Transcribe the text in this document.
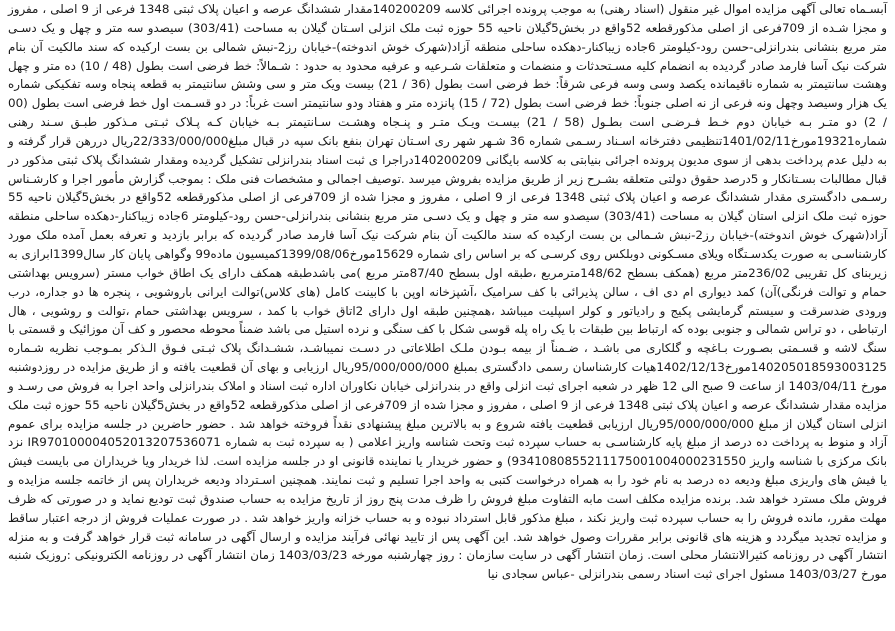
آبسـماه تعالی آگهی مزایده اموال غیر منقول (اسناد رهنی) به موجب پرونده اجرائی کلاسه 140200209مقدار ششدانگ عرصه و اعیان پلاک ثبتی 1348 فرعی از 9 اصلی ، مفروز و مجزا شـده از 709فرعی از اصلی مذکورقطعه 52واقع در بخش5گیلان ناحیه 55 حوزه ثبت ملک انزلی اسـتان گیلان به مساحت (303/41) سیصدو سه متر و چهل و یک دسـی متر مربع بنشانی بندرانزلی-حسن رود-کیلومتر 6جاده زیباکنار-دهکده ساحلی منطقه آزاد(شهرک خوش اندوخته)-خیابان رز2-نبش شمالی بن بست ارکیده که سند مالکیت آن بنام شرکت نیک آسا فارمد صادر گردیده به انضمام کلیه مسـتحدثات و منضمات و متعلقات شـرعیه و عرفیه محدود به حدود : شـمالاً: خط فرضی است بطول (48 / 10) ده متر و چهل وهشت سانتیمتر به شماره ناقیمانده یکصد وسی وسه فرعی شرقاً: خط فرضی است بطول (36 / 21) بیست ویک متر و سی وشش سانتیمتر به قطعه پنجاه وسه تفکیکی شماره یک هزار وسیصد وچهل ونه فرعی از نه اصلی جنوباً: خط فرضی است بطول (72 / 15) پانزده متر و هفتاد ودو سانتیمتر است غرباً: در دو قسـمت اول خط فرضی است بطول (00 / 2) دو متـر بـه خیابان دوم خـط فـرضـی است بطـول (58 / 21) بیسـت ویـک متـر و پنـجاه وهشـت سـانتیمتر بـه خیابان کـه پـلاک ثبـتی مـذکور طبـق سـند رهنی شماره19321مورخ1401/02/11تنظیمی دفترخانه اسـناد رسـمی شماره 36 شـهر شهر ری اسـتان تهران بنفع بانک سپه در قبال مبلغ22/333/000/000ریال دررهن قرار گرفته و به دلیل عدم پرداخت بدهی از سوی مدیون پرونده اجرائی بنیابتی به کلاسه بایگانی 140200209دراجرا ی ثبت اسناد بندرانزلی تشکیل گردیده ومقدار ششدانگ پلاک ثبتی مذکور در قبال مطالبات بسـتانکار و 5درصد حقوق دولتی متعلقه بشـرح زیر از طریق مزایده بفروش میرسد .توصیف اجمالی و مشخصات فنی ملک : بموجب گزارش مأمور اجرا و کارشـناس رسـمی دادگستری مقدار ششدانگ عرصه و اعیان پلاک ثبتی 1348 فرعی از 9 اصلی ، مفروز و مجزا شده از 709فرعی از اصلی مذکورقطعه 52واقع در بخش5گیلان ناحیه 55 حوزه ثبت ملک انزلی استان گیلان به مساحت (303/41) سیصدو سه متر و چهل و یک دسـی متر مربع بنشانی بندرانزلی-حسن رود-کیلومتر 6جاده زیباکنار-دهکده ساحلی منطقه آزاد(شهرک خوش اندوخته)-خیابان رز2-نبش شـمالی بن بست ارکیده که سند مالکیت آن بنام شرکت نیک آسا فارمد صادر گردیده که برابر بازدید و تعرفه بعمل آمده ملک مورد کارشناسـی به صورت یکدسـتگاه ویلای مسـکونی دوبلکس روی کرسـی که بر اساس رای شماره 15629مورخ1399/08/06کمیسیون ماده99 وگواهی پایان کار سال1399ابرازی به زیربنای کل تقریبی 236/02متر مربع (همکف بسطح 148/62مترمربع ،طبقه اول بسطح 87/40متر مربع )می باشدطبقه همکف دارای یک اطاق خواب مستر (سرویس بهداشتی حمام و توالت فرنگی)آن) کمد دیواری ام دی اف ، سالن پذیرائی با کف سرامیک ،آشپزخانه اوپن با کابینت کامل (های کلاس)توالت ایرانی باروشویی ، پنجره ها دو جداره، درب ورودی ضدسرقت و سیستم گرمایشی پکیج و رادیاتور و کولر اسپلیت میباشد ،همچنین طبقه اول دارای 2اتاق خواب با کمد ، سرویس بهداشتی حمام ،توالت و روشویی ، هال ارتباطی ، دو تراس شمالی و جنوبی بوده که ارتباط بین طبقات با یک راه پله قوسی شکل با کف سنگی و نرده استیل می باشد ضمناً محوطه محصور و کف آن موزائیک و قسمتی با سنگ لاشه و قسـمتی بصـورت بـاغچه و گلکاری می باشـد ، ضـمناً از بیمه بـودن ملـک اطلاعاتی در دسـت نمیباشـد، ششـدانگ پلاک ثبـتی فـوق الـذکر بمـوجب نظریه شـماره 140205018593003125مورخ1402/12/13هیات کارشناسان رسمی دادگستری بمبلغ 95/000/000/000ریال ارزیابی و بهای آن قطعیت یافته و از طریق مزایده در روزدوشنبه مورخ 1403/04/11 از ساعت 9 صبح الی 12 ظهر در شعبه اجرای ثبت انزلی واقع در بندرانزلی خیابان نکاوران اداره ثبت اسناد و املاک بندرانزلی واحد اجرا به فروش می رسـد و مزایده مقدار ششدانگ عرصه و اعیان پلاک ثبتی 1348 فرعی از 9 اصلی ، مفروز و مجزا شده از 709فرعی از اصلی مذکورقطعه 52واقع در بخش5گیلان ناحیه 55 حوزه ثبت ملک انزلی استان گیلان از مبلغ 95/000/000/000ریال ارزیابی قطعیت یافته شروع و به بالاترین مبلغ پیشنهادی نقداً فروخته خواهد شد . حضور حاضرین در جلسه مزایده برای عموم آزاد و منوط به پرداخت ده درصد از مبلغ پایه کارشناسـی به حساب سپرده ثبت وتحت شناسه واریز اعلامی ( به سپرده ثبت به شماره IR970100004052013207536071 نزد بانک مرکزی با شناسه واریز 9341080855211175001004000231550) و حضور خریدار یا نماینده قانونی او در جلسه مزایده است. لذا خریدار ویا خریداران می بایست فیش یا فیش های واریزی مبلغ ودیعه ده درصد به نام خود را به همراه درخواست کتبی به واحد اجرا تسلیم و ثبت نمایند. همچنین اسـترداد ودیعه خریداران پس از خاتمه جلسه مزایده و فروش ملک مسترد خواهد شد. برنده مزایده مکلف است مابه التفاوت مبلغ فروش را ظرف مدت پنج روز از تاریخ مزایده به حساب صندوق ثبت تودیع نماید و در صورتی که ظرف مهلت مقرر، مانده فروش را به حساب سپرده ثبت واریز نکند ، مبلغ مذکور قابل استرداد نبوده و به حساب خزانه واریز خواهد شد . در صورت عملیات فروش از درجه اعتبار ساقط و مزایده تجدید میگردد و هزینه های قانونی برابر مقررات وصول خواهد شد. این آگهی پس از تایید نهائی فرآیند مزایده و ارسال آگهی در سامانه ثبت قرار خواهد گرفت و به منزله انتشار آگهی در روزنامه کثیرالانتشار محلی است. زمان انتشار آگهی در سایت سازمان : روز چهارشنبه مورخه 1403/03/23 زمان انتشار آگهی در روزنامه الکترونیکی :روزیک شنبه مورخ 1403/03/27 مسئول اجرای ثبت اسناد رسمی بندرانزلی -عباس سجادی نیا
